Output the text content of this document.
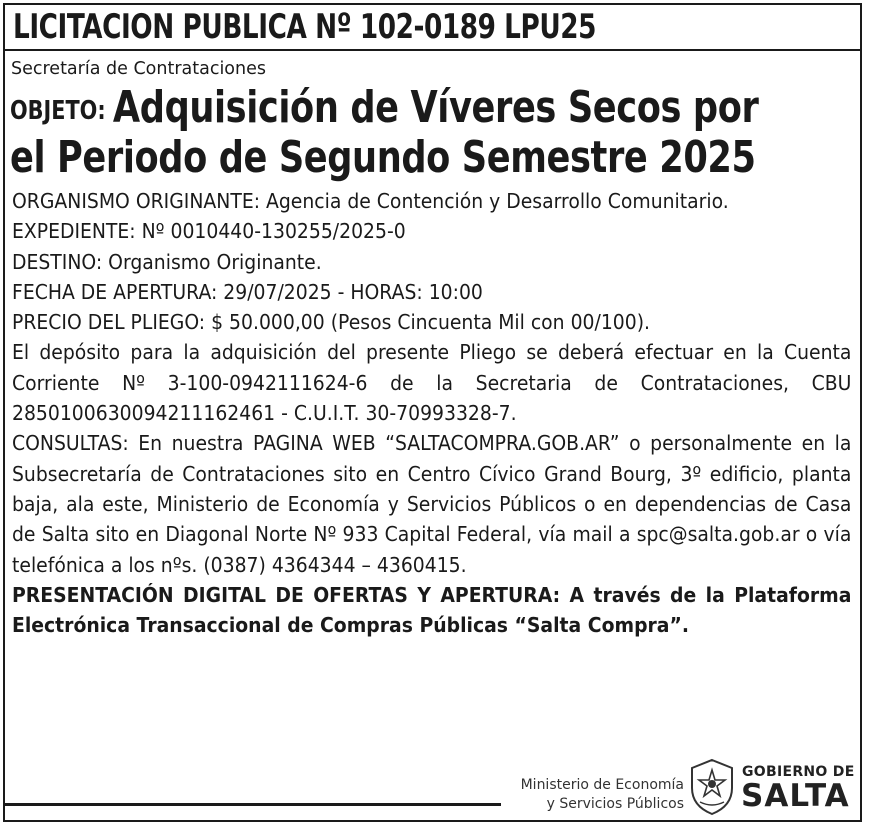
LICITACION PUBLICA Nº 102-0189 LPU25
Secretaría de Contrataciones
OBJETO: Adquisición de Víveres Secos por
el Periodo de Segundo Semestre 2025

ORGANISMO ORIGINANTE: Agencia de Contención y Desarrollo Comunitario.

EXPEDIENTE: Nº 0010440-130255/2025-0

DESTINO: Organismo Originante.

FECHA DE APERTURA: 29/07/2025 - HORAS: 10:00

PRECIO DEL PLIEGO: $ 50.000,00 (Pesos Cincuenta Mil con 00/100).

El depósito para la adquisición del presente Pliego se deberá efectuar en la Cuenta Corriente Nº 3-100-0942111624-6 de la Secretaria de Contrataciones, CBU 2850100630094211162461 - C.U.I.T. 30-70993328-7.

CONSULTAS: En nuestra PAGINA WEB “SALTACOMPRA.GOB.AR” o personalmente en la Subsecretaría de Contrataciones sito en Centro Cívico Grand Bourg, 3º edificio, planta baja, ala este, Ministerio de Economía y Servicios Públicos o en dependencias de Casa de Salta sito en Diagonal Norte Nº 933 Capital Federal, vía mail a spc@salta.gob.ar o vía telefónica a los nºs. (0387) 4364344 – 4360415.

PRESENTACIÓN DIGITAL DE OFERTAS Y APERTURA: A través de la Plataforma Electrónica Transaccional de Compras Públicas “Salta Compra”.

Ministerio de Economía
y Servicios Públicos
GOBIERNO DE
SALTA
